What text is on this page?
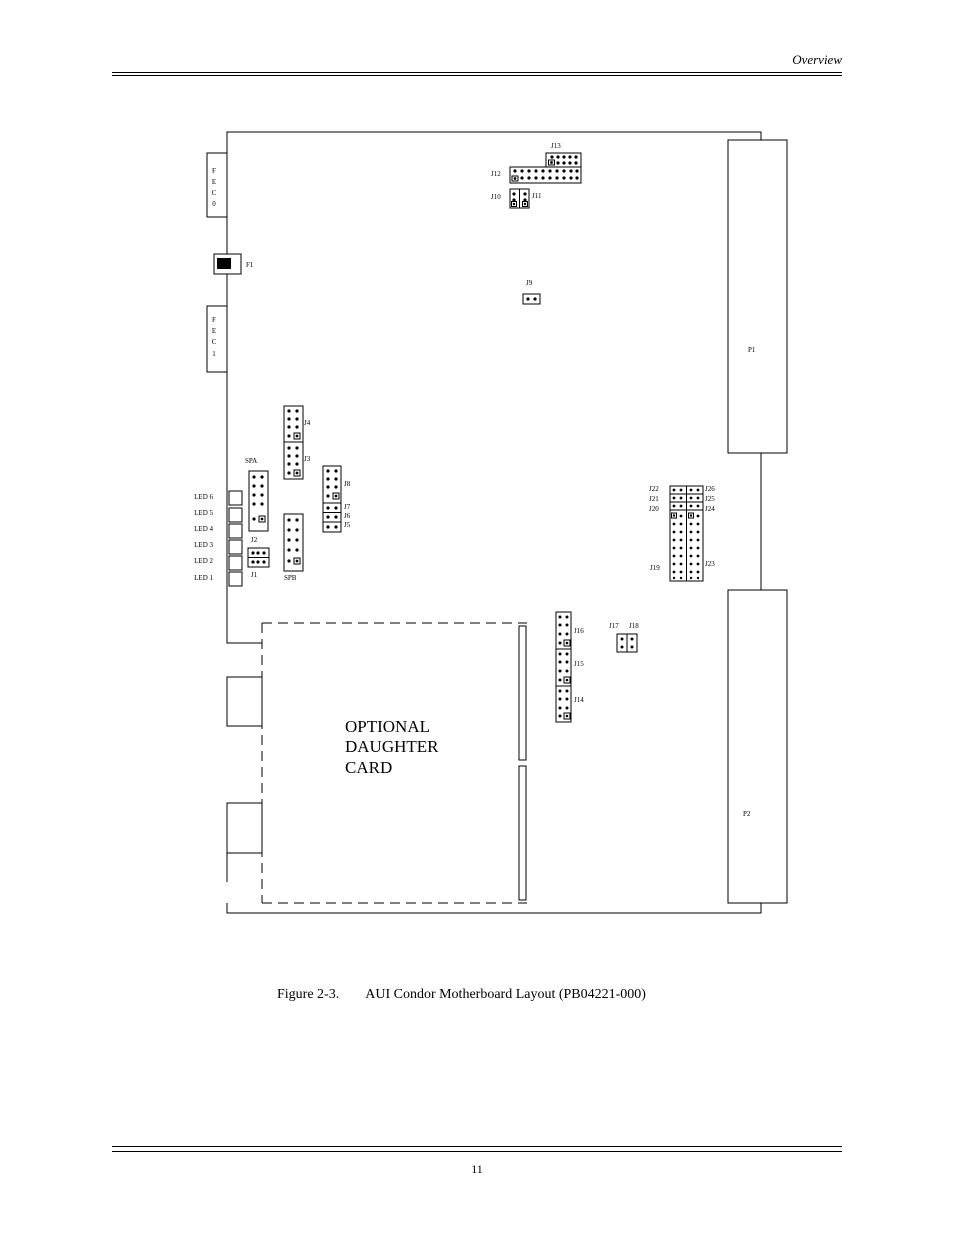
Overview
F
E
C
0
F1
F
E
C
1	P1
P2
J13
J12
J10	J11
J9
J4
J3
SPA
SPB
J8
J7
J6
J5
LED 6
LED 5
LED 4
LED 3
LED 2
LED 1
J2
J1
J22
J21
J20
J19
J26
J25
J24
J23
J16
J15
J14
J17 J18
OPTIONAL
DAUGHTER
CARD
Figure 2-3. AUI Condor Motherboard Layout (PB04221-000)
11
